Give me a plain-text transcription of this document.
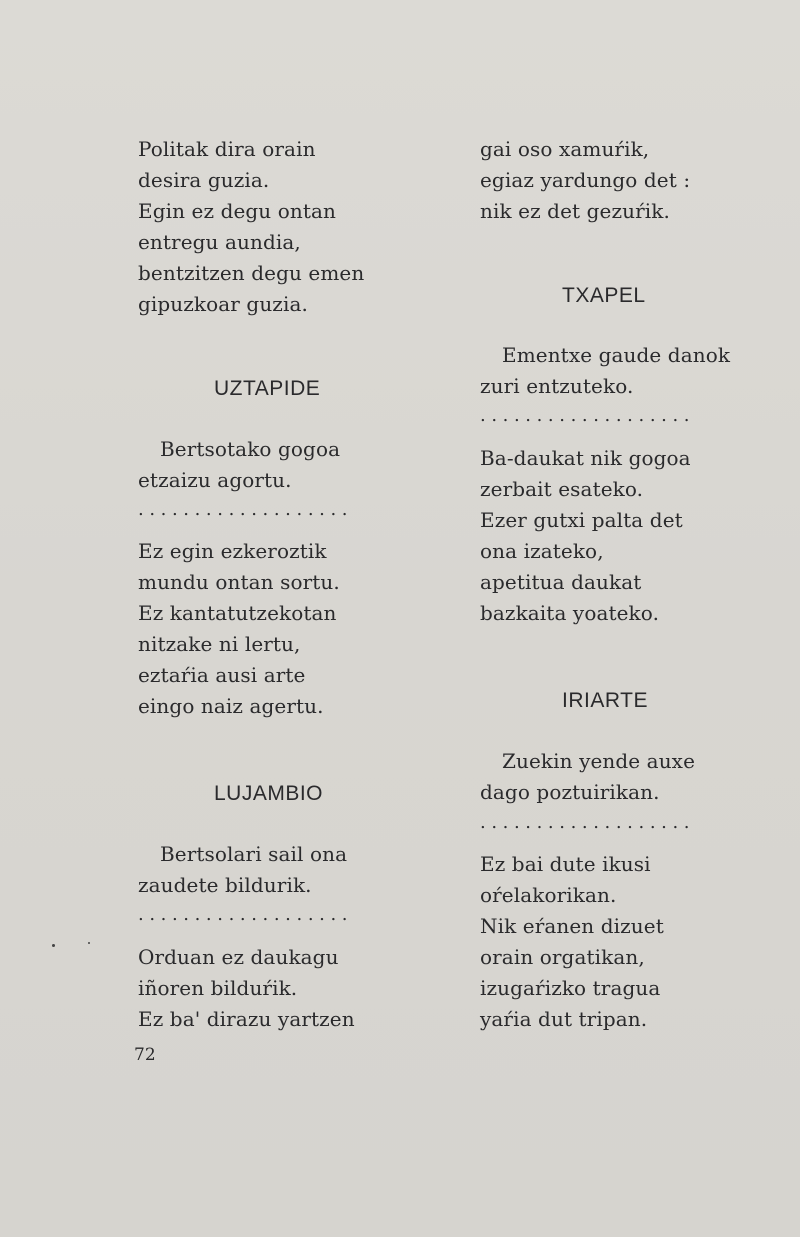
Politak dira orain
desira guzia.
Egin ez degu ontan
entregu aundia,
bentzitzen degu emen
gipuzkoar guzia.
UZTAPIDE
Bertsotako gogoa
etzaizu agortu.
...................
Ez egin ezkeroztik
mundu ontan sortu.
Ez kantatutzekotan
nitzake ni lertu,
eztaŕia ausi arte
eingo naiz agertu.
LUJAMBIO
Bertsolari sail ona
zaudete bildurik.
...................
Orduan ez daukagu
iñoren bilduŕik.
Ez ba' dirazu yartzen
gai oso xamuŕik,
egiaz yardungo det :
nik ez det gezuŕik.
TXAPEL
Ementxe gaude danok
zuri entzuteko.
...................
Ba-daukat nik gogoa
zerbait esateko.
Ezer gutxi palta det
ona izateko,
apetitua daukat
bazkaita yoateko.
IRIARTE
Zuekin yende auxe
dago poztuirikan.
...................
Ez bai dute ikusi
oŕelakorikan.
Nik eŕanen dizuet
orain orgatikan,
izugaŕizko tragua
yaŕia dut tripan.
72
